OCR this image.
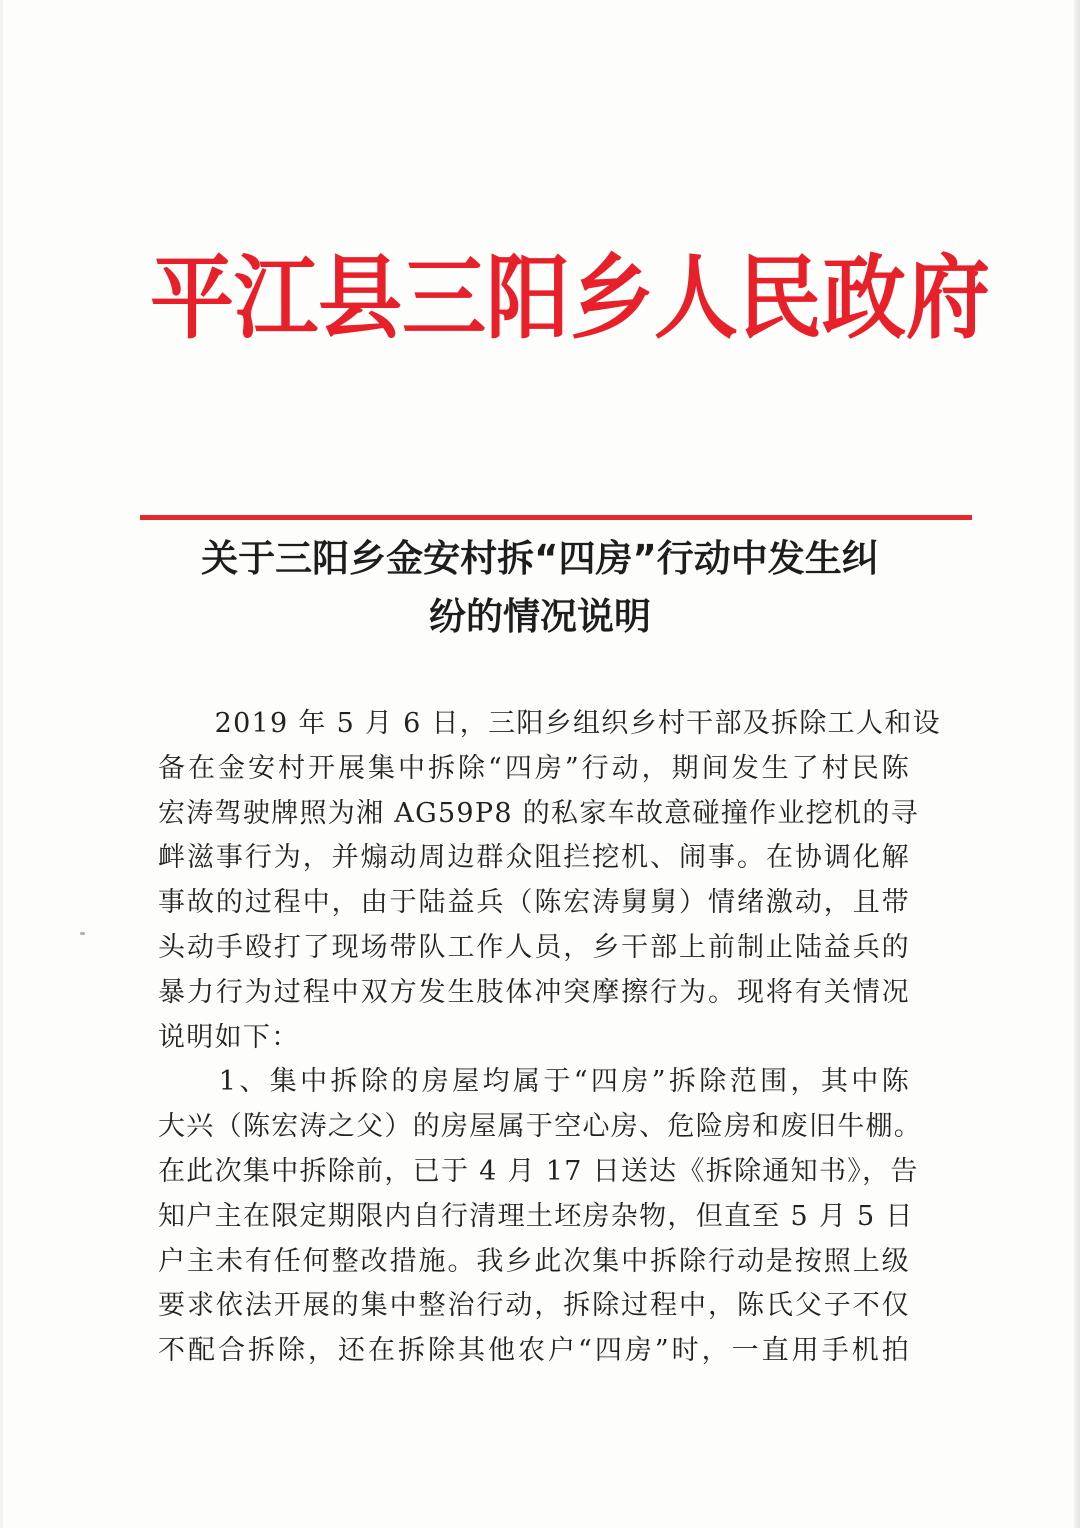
平江县三阳乡人民政府
关于三阳乡金安村拆“四房”行动中发生纠
纷的情况说明
　　2019 年 5 月 6 日，三阳乡组织乡村干部及拆除工人和设
备在金安村开展集中拆除“四房”行动，期间发生了村民陈
宏涛驾驶牌照为湘 AG59P8 的私家车故意碰撞作业挖机的寻
衅滋事行为，并煽动周边群众阻拦挖机、闹事。在协调化解
事故的过程中，由于陆益兵（陈宏涛舅舅）情绪激动，且带
头动手殴打了现场带队工作人员，乡干部上前制止陆益兵的
暴力行为过程中双方发生肢体冲突摩擦行为。现将有关情况
说明如下：
　　1、集中拆除的房屋均属于“四房”拆除范围，其中陈
大兴（陈宏涛之父）的房屋属于空心房、危险房和废旧牛棚。
在此次集中拆除前，已于 4 月 17 日送达《拆除通知书》，告
知户主在限定期限内自行清理土坯房杂物，但直至 5 月 5 日
户主未有任何整改措施。我乡此次集中拆除行动是按照上级
要求依法开展的集中整治行动，拆除过程中，陈氏父子不仅
不配合拆除，还在拆除其他农户“四房”时，一直用手机拍
